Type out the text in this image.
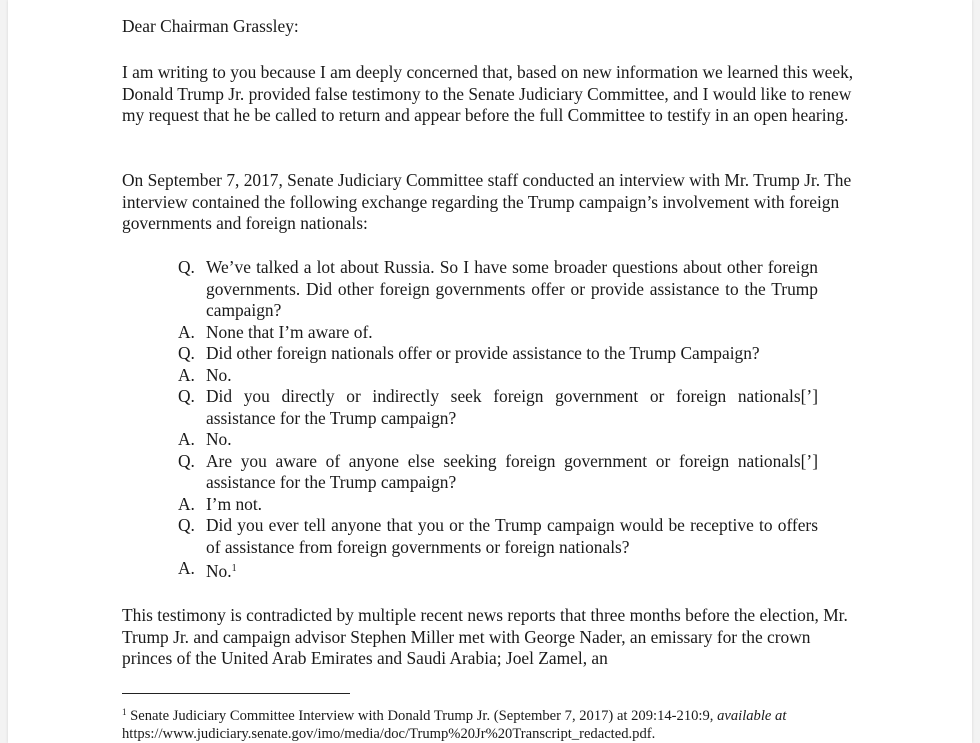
Dear Chairman Grassley:

I am writing to you because I am deeply concerned that, based on new information we learned this week, Donald Trump Jr. provided false testimony to the Senate Judiciary Committee, and I would like to renew my request that he be called to return and appear before the full Committee to testify in an open hearing.

On September 7, 2017, Senate Judiciary Committee staff conducted an interview with Mr. Trump Jr. The interview contained the following exchange regarding the Trump campaign’s involvement with foreign governments and foreign nationals:

Q. We’ve talked a lot about Russia. So I have some broader questions about other foreign governments. Did other foreign governments offer or provide assistance to the Trump campaign?
A. None that I’m aware of.
Q. Did other foreign nationals offer or provide assistance to the Trump Campaign?
A. No.
Q. Did you directly or indirectly seek foreign government or foreign nationals[’] assistance for the Trump campaign?
A. No.
Q. Are you aware of anyone else seeking foreign government or foreign nationals[’] assistance for the Trump campaign?
A. I’m not.
Q. Did you ever tell anyone that you or the Trump campaign would be receptive to offers of assistance from foreign governments or foreign nationals?
A. No.$^1$

This testimony is contradicted by multiple recent news reports that three months before the election, Mr. Trump Jr. and campaign advisor Stephen Miller met with George Nader, an emissary for the crown princes of the United Arab Emirates and Saudi Arabia; Joel Zamel, an

$^1$ Senate Judiciary Committee Interview with Donald Trump Jr. (September 7, 2017) at 209:14-210:9, available at
https://www.judiciary.senate.gov/imo/media/doc/Trump%20Jr%20Transcript_redacted.pdf.
